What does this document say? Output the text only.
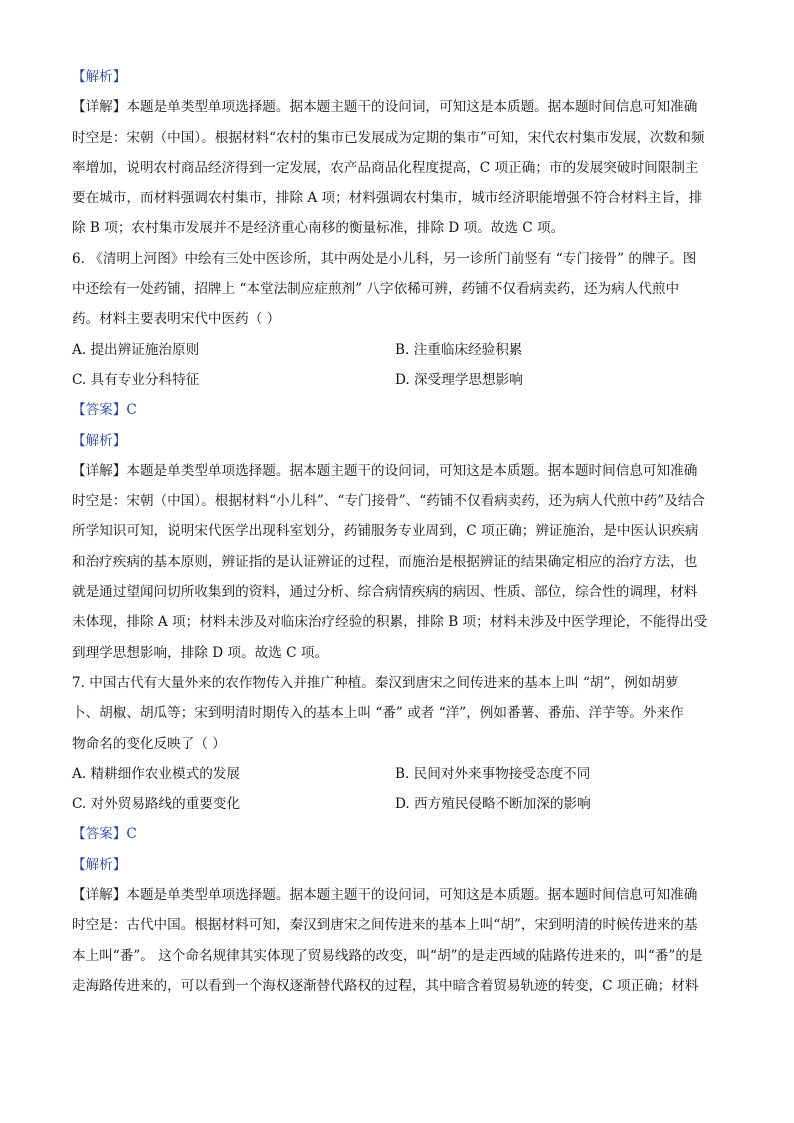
【解析】
【详解】本题是单类型单项选择题。据本题主题干的设问词，可知这是本质题。据本题时间信息可知准确
时空是：宋朝（中国）。根据材料“农村的集市已发展成为定期的集市”可知，宋代农村集市发展，次数和频
率增加，说明农村商品经济得到一定发展，农产品商品化程度提高，C 项正确；市的发展突破时间限制主
要在城市，而材料强调农村集市，排除 A 项；材料强调农村集市，城市经济职能增强不符合材料主旨，排
除 B 项；农村集市发展并不是经济重心南移的衡量标准，排除 D 项。故选 C 项。
6. 《清明上河图》中绘有三处中医诊所，其中两处是小儿科，另一诊所门前竖有 “专门接骨” 的牌子。图
中还绘有一处药铺，招牌上 “本堂法制应症煎剂” 八字依稀可辨，药铺不仅看病卖药，还为病人代煎中
药。材料主要表明宋代中医药（ ）
A. 提出辨证施治原则	B. 注重临床经验积累
C. 具有专业分科特征	D. 深受理学思想影响
【答案】C
【解析】
【详解】本题是单类型单项选择题。据本题主题干的设问词，可知这是本质题。据本题时间信息可知准确
时空是：宋朝（中国）。根据材料“小儿科”、“专门接骨”、“药铺不仅看病卖药，还为病人代煎中药”及结合
所学知识可知，说明宋代医学出现科室划分，药铺服务专业周到，C 项正确；辨证施治，是中医认识疾病
和治疗疾病的基本原则，辨证指的是认证辨证的过程，而施治是根据辨证的结果确定相应的治疗方法，也
就是通过望闻问切所收集到的资料，通过分析、综合病情疾病的病因、性质、部位，综合性的调理，材料
未体现，排除 A 项；材料未涉及对临床治疗经验的积累，排除 B 项；材料未涉及中医学理论，不能得出受
到理学思想影响，排除 D 项。故选 C 项。
7. 中国古代有大量外来的农作物传入并推广种植。秦汉到唐宋之间传进来的基本上叫 “胡”，例如胡萝
卜、胡椒、胡瓜等；宋到明清时期传入的基本上叫 “番” 或者 “洋”，例如番薯、番茄、洋芋等。外来作
物命名的变化反映了（ ）
A. 精耕细作农业模式的发展	B. 民间对外来事物接受态度不同
C. 对外贸易路线的重要变化	D. 西方殖民侵略不断加深的影响
【答案】C
【解析】
【详解】本题是单类型单项选择题。据本题主题干的设问词，可知这是本质题。据本题时间信息可知准确
时空是：古代中国。根据材料可知，秦汉到唐宋之间传进来的基本上叫“胡”，宋到明清的时候传进来的基
本上叫“番”。 这个命名规律其实体现了贸易线路的改变，叫“胡”的是走西域的陆路传进来的，叫“番”的是
走海路传进来的，可以看到一个海权逐渐替代路权的过程，其中暗含着贸易轨迹的转变，C 项正确；材料
